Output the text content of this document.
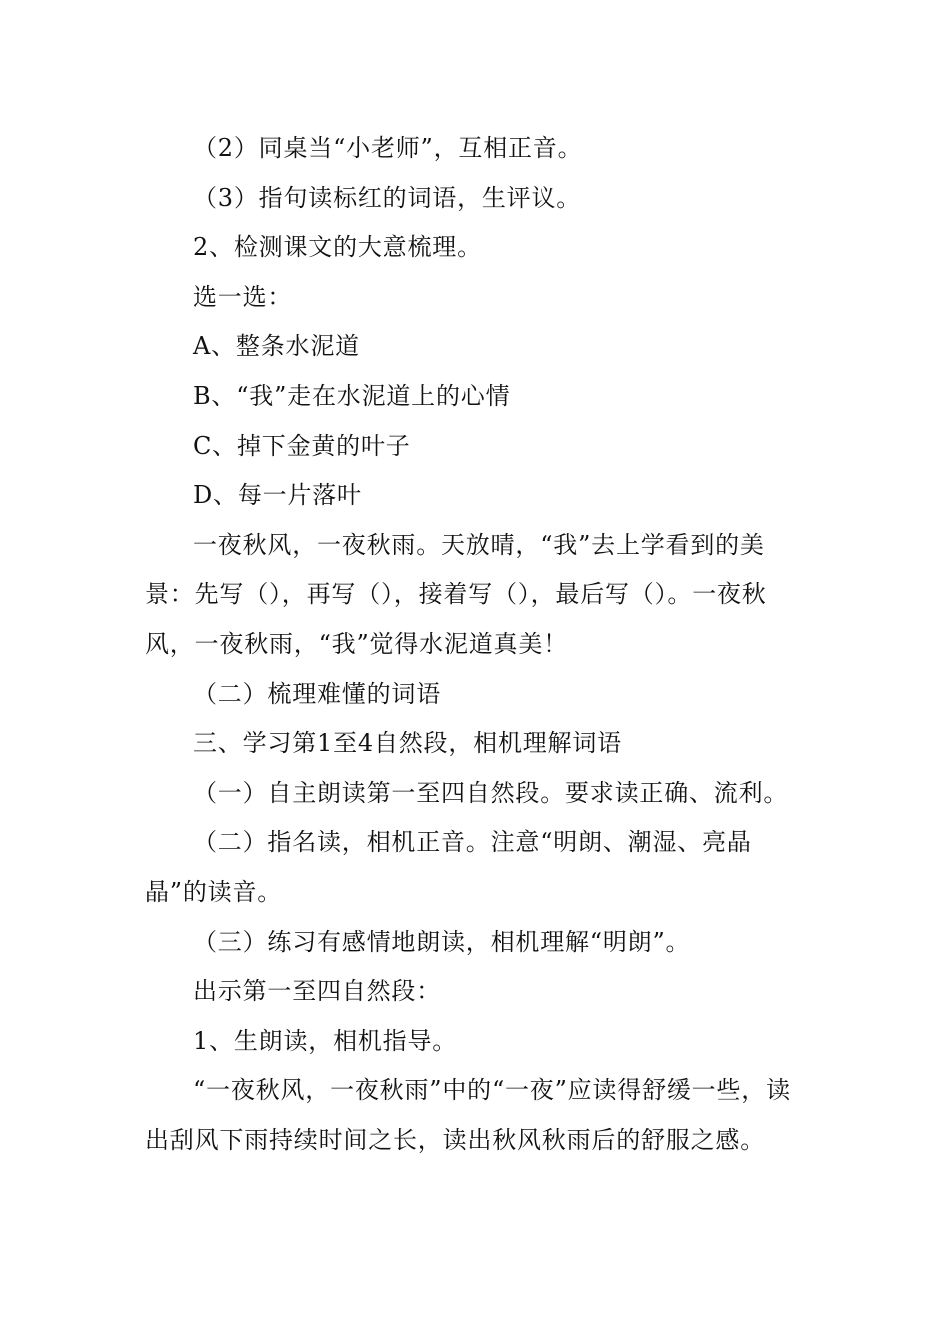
（2）同桌当“小老师”，互相正音。

（3）指句读标红的词语，生评议。

2、检测课文的大意梳理。

选一选：

A、整条水泥道

B、“我”走在水泥道上的心情

C、掉下金黄的叶子

D、每一片落叶

一夜秋风，一夜秋雨。天放晴，“我”去上学看到的美景：先写（），再写（），接着写（），最后写（）。一夜秋风，一夜秋雨，“我”觉得水泥道真美！

（二）梳理难懂的词语

三、学习第1至4自然段，相机理解词语

（一）自主朗读第一至四自然段。要求读正确、流利。

（二）指名读，相机正音。注意“明朗、潮湿、亮晶晶”的读音。

（三）练习有感情地朗读，相机理解“明朗”。

出示第一至四自然段：

1、生朗读，相机指导。

“一夜秋风，一夜秋雨”中的“一夜”应读得舒缓一些，读出刮风下雨持续时间之长，读出秋风秋雨后的舒服之感。
